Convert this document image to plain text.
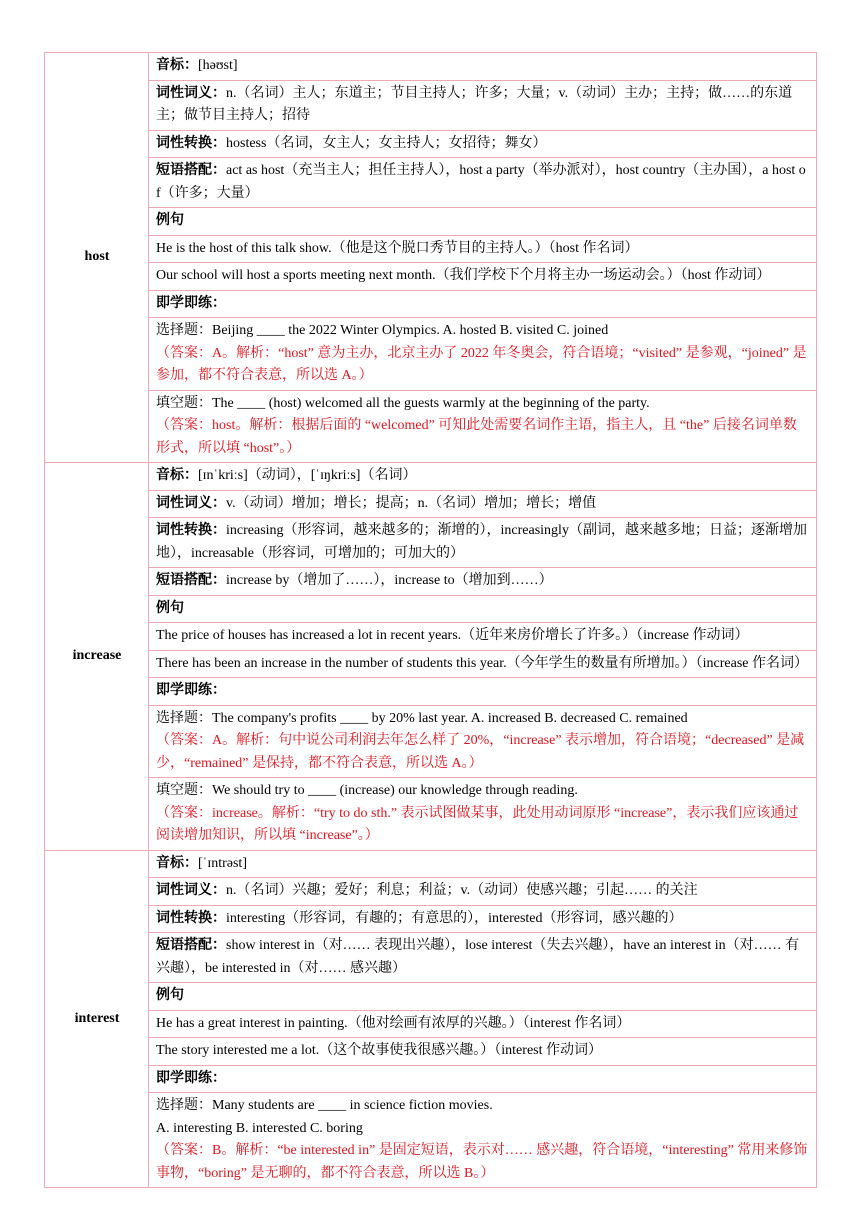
host	音标：[həʊst]
	词性词义：n.（名词）主人；东道主；节目主持人；许多；大量；v.（动词）主办；主持；做……的东道主；做节目主持人；招待
	词性转换：hostess（名词，女主人；女主持人；女招待；舞女）
	短语搭配：act as host（充当主人；担任主持人），host a party（举办派对），host country（主办国），a host of（许多；大量）
	例句
	He is the host of this talk show.（他是这个脱口秀节目的主持人。）（host 作名词）
	Our school will host a sports meeting next month.（我们学校下个月将主办一场运动会。）（host 作动词）
	即学即练：

	选择题：Beijing ____ the 2022 Winter Olympics. A. hosted B. visited C. joined
（答案：A。解析：“host” 意为主办，北京主办了 2022 年冬奥会，符合语境；“visited” 是参观，“joined” 是参加，都不符合表意，所以选 A。）

	填空题：The ____ (host) welcomed all the guests warmly at the beginning of the party.
（答案：host。解析：根据后面的 “welcomed” 可知此处需要名词作主语，指主人，且 “the” 后接名词单数形式，所以填 “host”。）

increase	音标：[ɪnˈkriːs]（动词），[ˈɪŋkriːs]（名词）
	词性词义：v.（动词）增加；增长；提高；n.（名词）增加；增长；增值
	词性转换：increasing（形容词，越来越多的；渐增的），increasingly（副词，越来越多地；日益；逐渐增加地），increasable（形容词，可增加的；可加大的）
	短语搭配：increase by（增加了……），increase to（增加到……）
	例句
	The price of houses has increased a lot in recent years.（近年来房价增长了许多。）（increase 作动词）
	There has been an increase in the number of students this year.（今年学生的数量有所增加。）（increase 作名词）
	即学即练：

	选择题：The company's profits ____ by 20% last year. A. increased B. decreased C. remained
（答案：A。解析：句中说公司利润去年怎么样了 20%，“increase” 表示增加，符合语境；“decreased” 是减少，“remained” 是保持，都不符合表意，所以选 A。）

	填空题：We should try to ____ (increase) our knowledge through reading.
（答案：increase。解析：“try to do sth.” 表示试图做某事，此处用动词原形 “increase”，表示我们应该通过阅读增加知识，所以填 “increase”。）

interest	音标：[ˈɪntrəst]
	词性词义：n.（名词）兴趣；爱好；利息；利益；v.（动词）使感兴趣；引起…… 的关注
	词性转换：interesting（形容词，有趣的；有意思的），interested（形容词，感兴趣的）
	短语搭配：show interest in（对…… 表现出兴趣），lose interest（失去兴趣），have an interest in（对…… 有兴趣），be interested in（对…… 感兴趣）
	例句
	He has a great interest in painting.（他对绘画有浓厚的兴趣。）（interest 作名词）
	The story interested me a lot.（这个故事使我很感兴趣。）（interest 作动词）
	即学即练：

	选择题：Many students are ____ in science fiction movies.
A. interesting B. interested C. boring
（答案：B。解析：“be interested in” 是固定短语，表示对…… 感兴趣，符合语境，“interesting” 常用来修饰事物，“boring” 是无聊的，都不符合表意，所以选 B。）
